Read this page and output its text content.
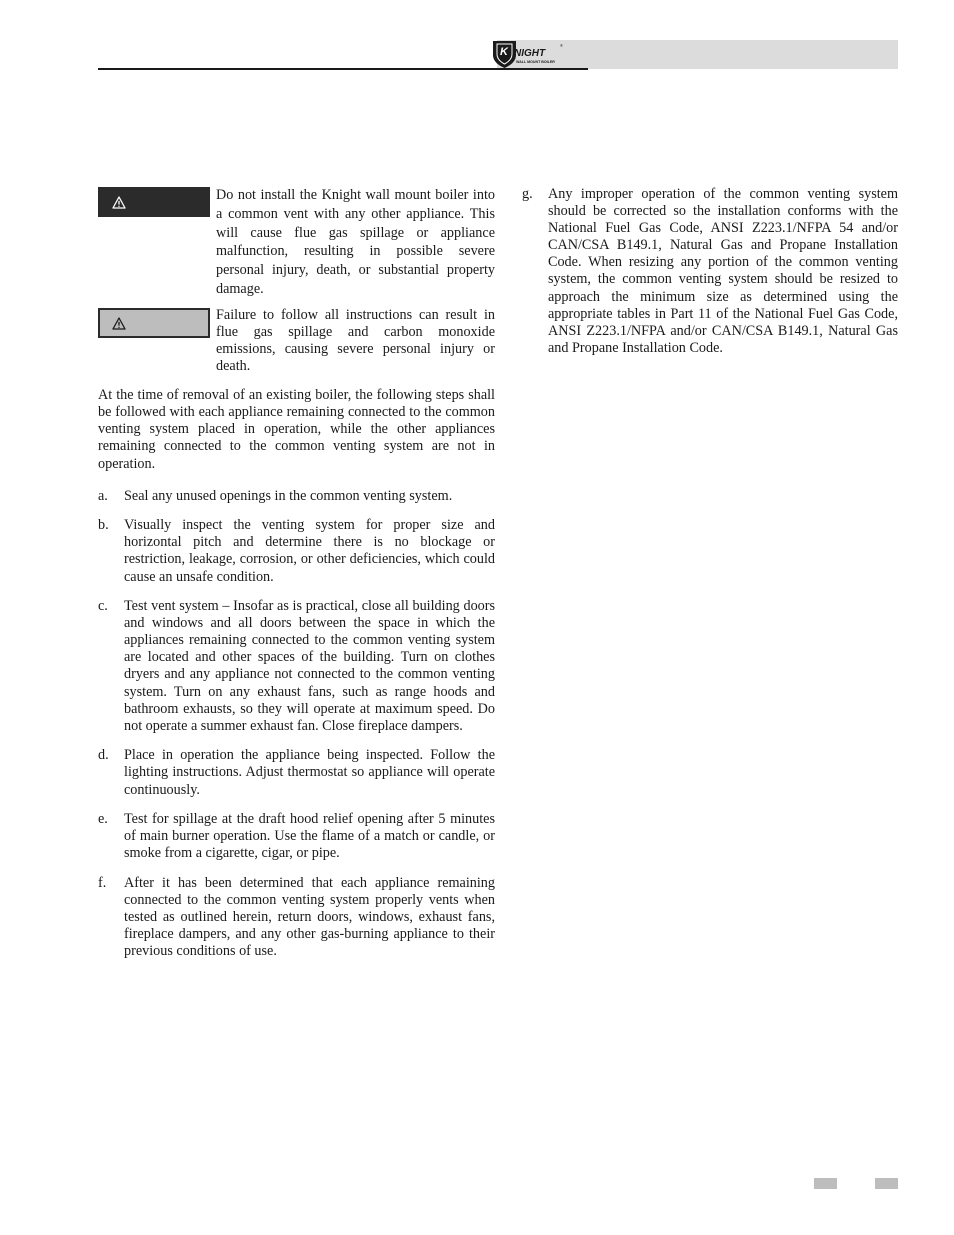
K NIGHT
®
WALL MOUNT BOILER
Do not install the Knight wall mount boiler into a common vent with any other appliance. This will cause flue gas spillage or appliance malfunction, resulting in possible severe personal injury, death, or substantial property damage.
Failure to follow all instructions can result in flue gas spillage and carbon monoxide emissions, causing severe personal injury or death.
At the time of removal of an existing boiler, the following steps shall be followed with each appliance remaining connected to the common venting system placed in operation, while the other appliances remaining connected to the common venting system are not in operation.
a. Seal any unused openings in the common venting system.
b. Visually inspect the venting system for proper size and horizontal pitch and determine there is no blockage or restriction, leakage, corrosion, or other deficiencies, which could cause an unsafe condition.
c. Test vent system – Insofar as is practical, close all building doors and windows and all doors between the space in which the appliances remaining connected to the common venting system are located and other spaces of the building. Turn on clothes dryers and any appliance not connected to the common venting system. Turn on any exhaust fans, such as range hoods and bathroom exhausts, so they will operate at maximum speed. Do not operate a summer exhaust fan. Close fireplace dampers.
d. Place in operation the appliance being inspected. Follow the lighting instructions. Adjust thermostat so appliance will operate continuously.
e. Test for spillage at the draft hood relief opening after 5 minutes of main burner operation. Use the flame of a match or candle, or smoke from a cigarette, cigar, or pipe.
f. After it has been determined that each appliance remaining connected to the common venting system properly vents when tested as outlined herein, return doors, windows, exhaust fans, fireplace dampers, and any other gas-burning appliance to their previous conditions of use.
g. Any improper operation of the common venting system should be corrected so the installation conforms with the National Fuel Gas Code, ANSI Z223.1/NFPA 54 and/or CAN/CSA B149.1, Natural Gas and Propane Installation Code. When resizing any portion of the common venting system, the common venting system should be resized to approach the minimum size as determined using the appropriate tables in Part 11 of the National Fuel Gas Code, ANSI Z223.1/NFPA and/or CAN/CSA B149.1, Natural Gas and Propane Installation Code.
